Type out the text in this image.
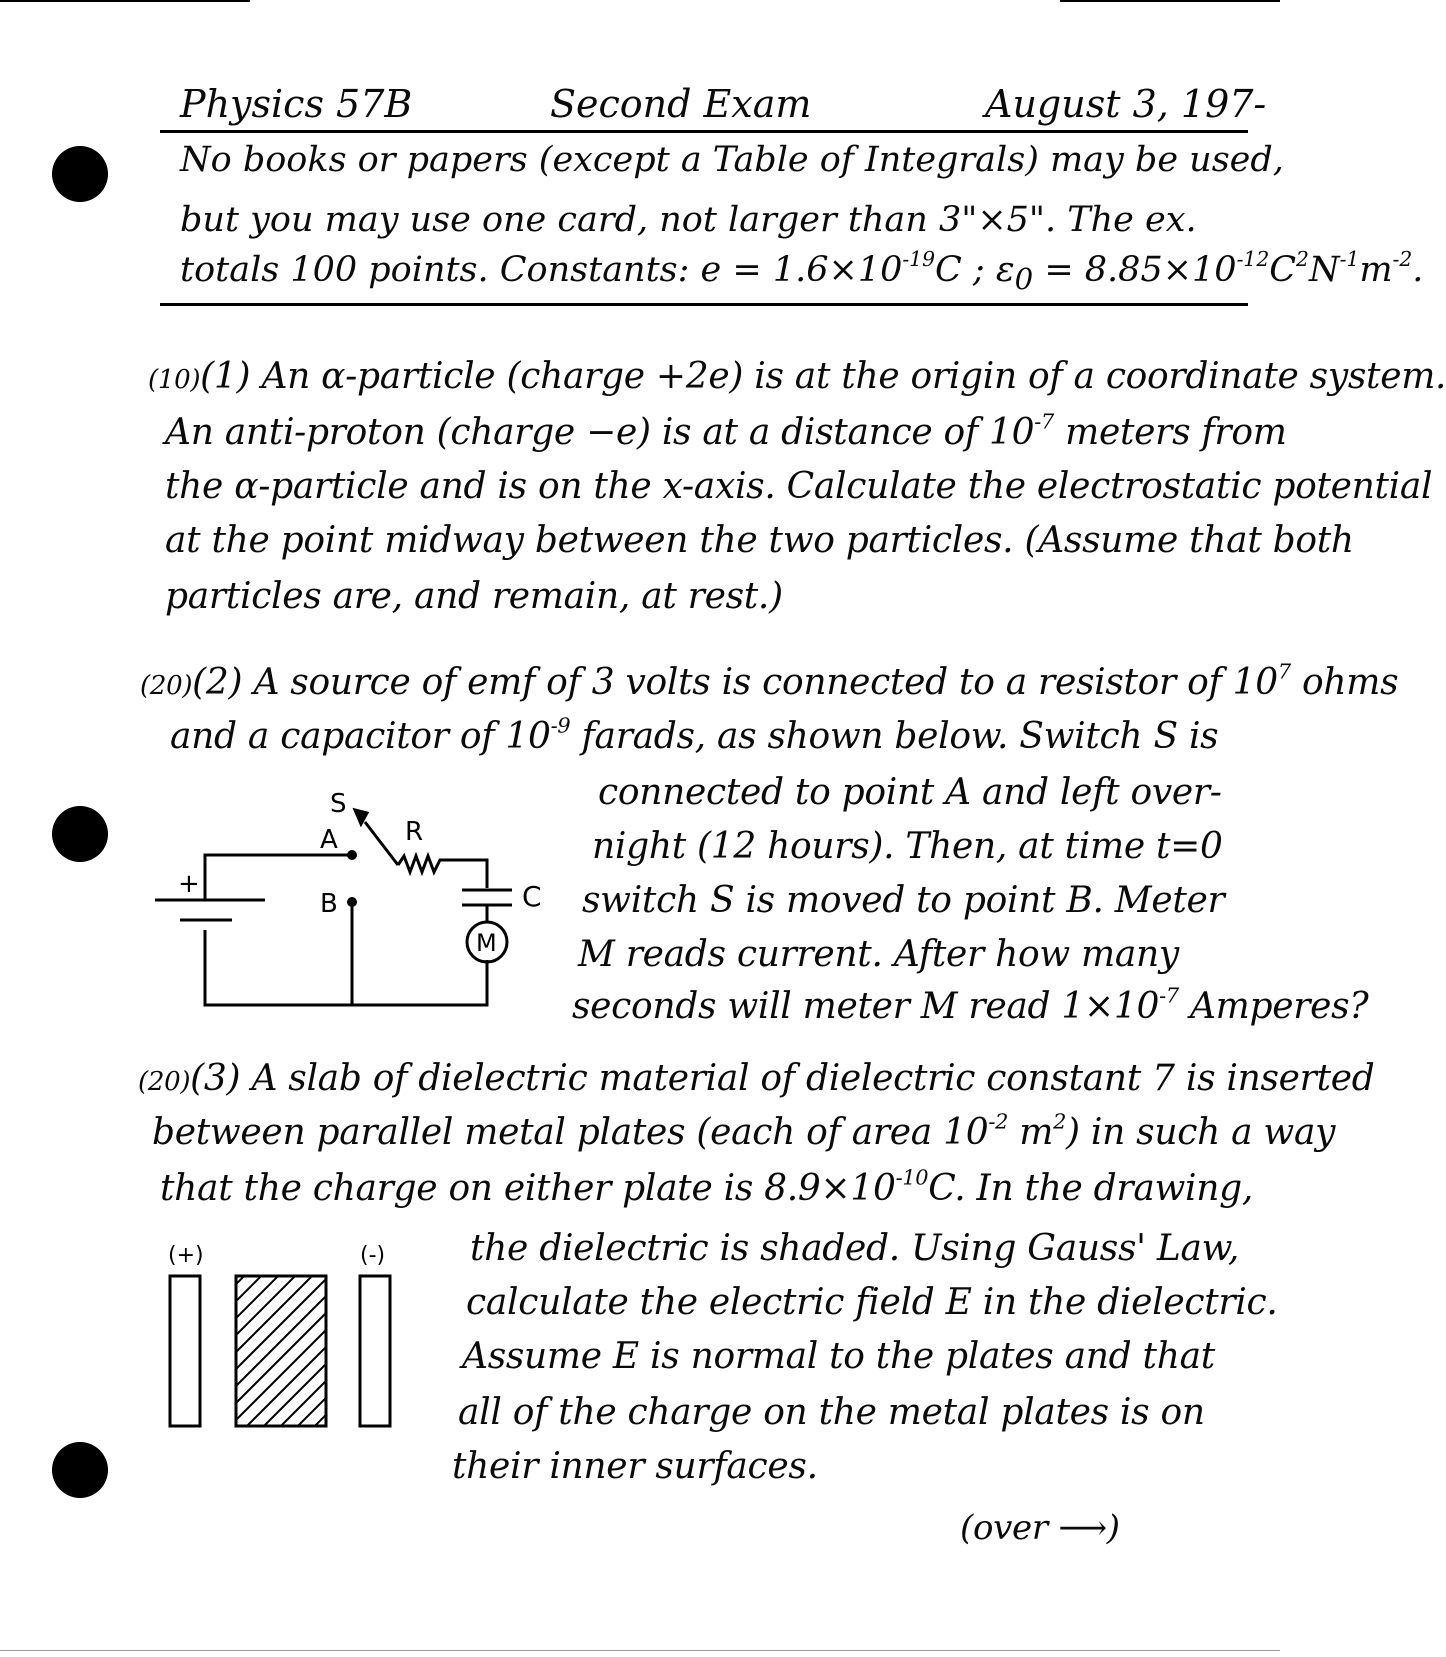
Physics 57B	Second Exam	August 3, 197-
No books or papers (except a Table of Integrals) may be used,
but you may use one card, not larger than 3"×5". The ex.
totals 100 points. Constants: $e = 1.6\times 10^{-19}C$ ; $\varepsilon_0 = 8.85\times 10^{-12}C^2N^{-1}m^{-2}$.
(10)(1) An α-particle (charge +2e) is at the origin of a coordinate system.
An anti-proton (charge −e) is at a distance of $10^{-7}$ meters from
the α-particle and is on the x-axis. Calculate the electrostatic potential
at the point midway between the two particles. (Assume that both
particles are, and remain, at rest.)
(20)(2) A source of emf of 3 volts is connected to a resistor of $10^7$ ohms
and a capacitor of $10^{-9}$ farads, as shown below. Switch S is
connected to point A and left over-
night (12 hours). Then, at time t=0
switch S is moved to point B. Meter
M reads current. After how many
seconds will meter M read $1\times 10^{-7}$ Amperes?
+
S
A	R
B	C
M
(20)(3) A slab of dielectric material of dielectric constant 7 is inserted
between parallel metal plates (each of area $10^{-2}$ $m^2$) in such a way
that the charge on either plate is $8.9\times 10^{-10}C$. In the drawing,
the dielectric is shaded. Using Gauss' Law,
calculate the electric field E in the dielectric.
Assume E is normal to the plates and that
all of the charge on the metal plates is on
their inner surfaces.
(+)	(-)
(over ⟶)
